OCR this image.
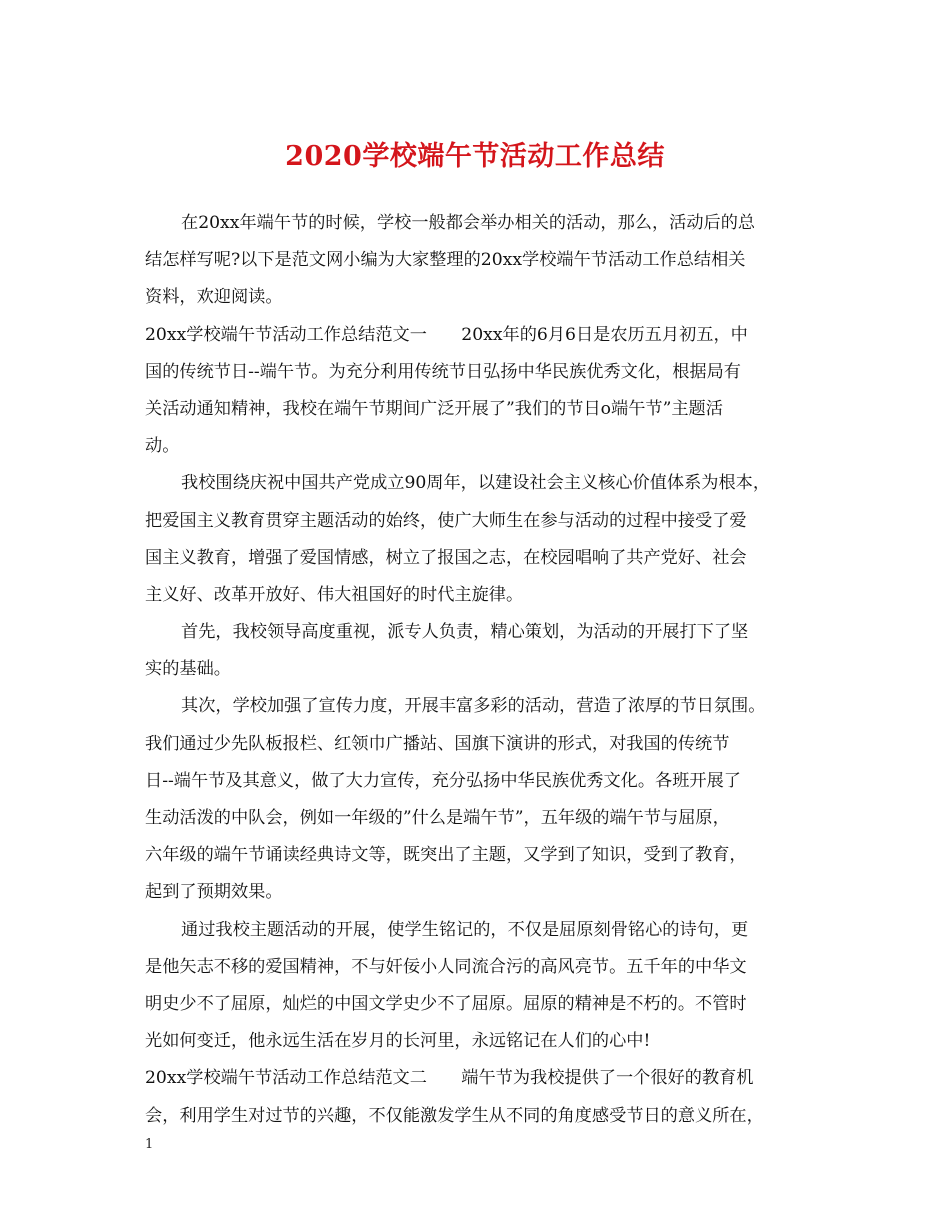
2020学校端午节活动工作总结
在20xx年端午节的时候，学校一般都会举办相关的活动，那么，活动后的总
结怎样写呢?以下是范文网小编为大家整理的20xx学校端午节活动工作总结相关
资料，欢迎阅读。
20xx学校端午节活动工作总结范文一　　20xx年的6月6日是农历五月初五，中
国的传统节日--端午节。为充分利用传统节日弘扬中华民族优秀文化，根据局有
关活动通知精神，我校在端午节期间广泛开展了”我们的节日o端午节”主题活
动。
我校围绕庆祝中国共产党成立90周年，以建设社会主义核心价值体系为根本，
把爱国主义教育贯穿主题活动的始终，使广大师生在参与活动的过程中接受了爱
国主义教育，增强了爱国情感，树立了报国之志，在校园唱响了共产党好、社会
主义好、改革开放好、伟大祖国好的时代主旋律。
首先，我校领导高度重视，派专人负责，精心策划，为活动的开展打下了坚
实的基础。
其次，学校加强了宣传力度，开展丰富多彩的活动，营造了浓厚的节日氛围。
我们通过少先队板报栏、红领巾广播站、国旗下演讲的形式，对我国的传统节
日--端午节及其意义，做了大力宣传，充分弘扬中华民族优秀文化。各班开展了
生动活泼的中队会，例如一年级的”什么是端午节”，五年级的端午节与屈原，
六年级的端午节诵读经典诗文等，既突出了主题，又学到了知识，受到了教育，
起到了预期效果。
通过我校主题活动的开展，使学生铭记的，不仅是屈原刻骨铭心的诗句，更
是他矢志不移的爱国精神，不与奸佞小人同流合污的高风亮节。五千年的中华文
明史少不了屈原，灿烂的中国文学史少不了屈原。屈原的精神是不朽的。不管时
光如何变迁，他永远生活在岁月的长河里，永远铭记在人们的心中!
20xx学校端午节活动工作总结范文二　　端午节为我校提供了一个很好的教育机
会，利用学生对过节的兴趣，不仅能激发学生从不同的角度感受节日的意义所在，
1
